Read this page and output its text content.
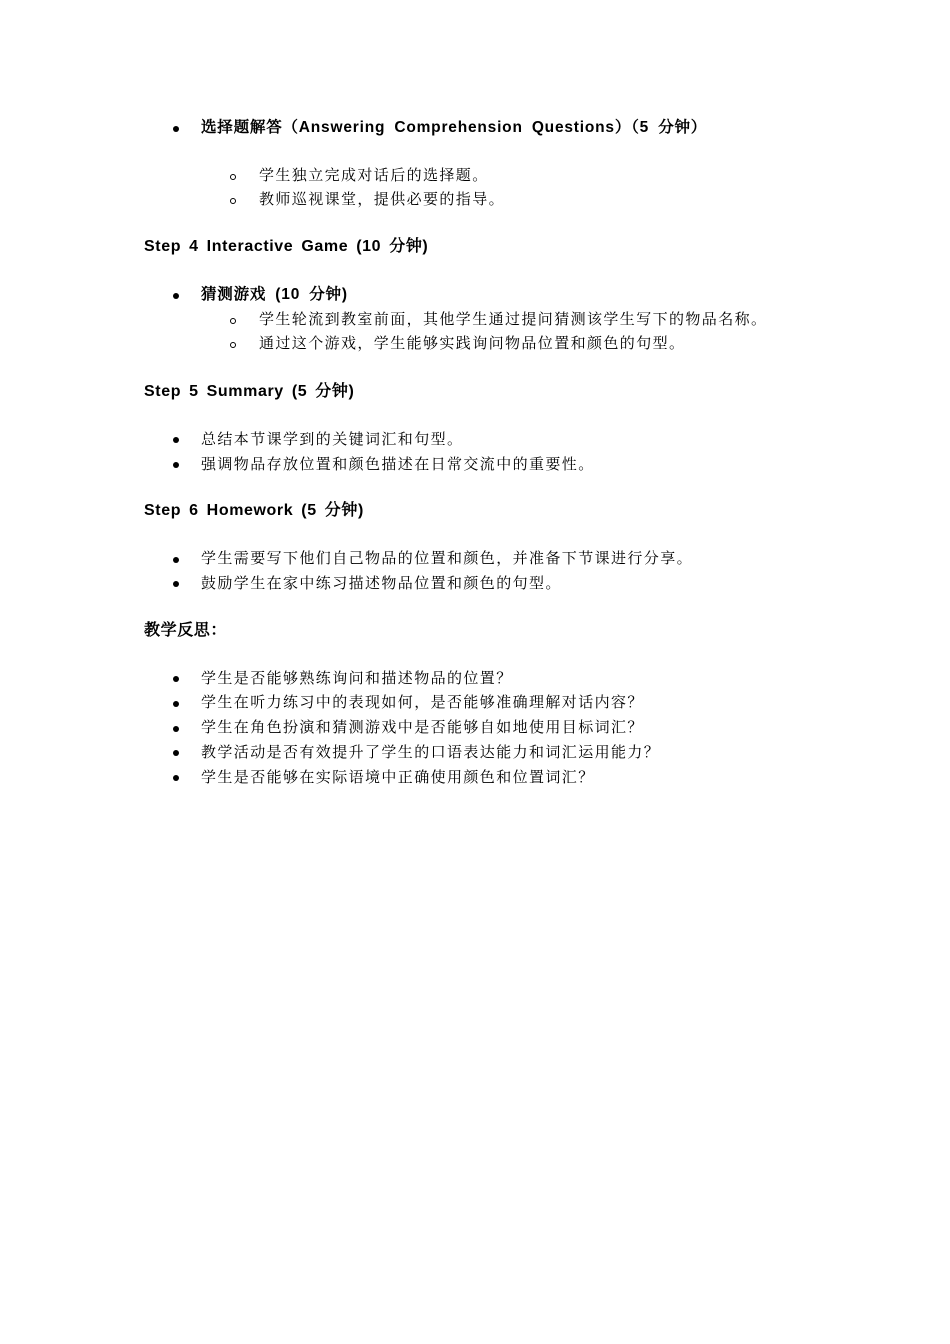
选择题解答（Answering Comprehension Questions）（5 分钟）
学生独立完成对话后的选择题。
教师巡视课堂，提供必要的指导。
Step 4 Interactive Game (10 分钟)
猜测游戏 (10 分钟)
学生轮流到教室前面，其他学生通过提问猜测该学生写下的物品名称。
通过这个游戏，学生能够实践询问物品位置和颜色的句型。
Step 5 Summary (5 分钟)
总结本节课学到的关键词汇和句型。
强调物品存放位置和颜色描述在日常交流中的重要性。
Step 6 Homework (5 分钟)
学生需要写下他们自己物品的位置和颜色，并准备下节课进行分享。
鼓励学生在家中练习描述物品位置和颜色的句型。
教学反思：
学生是否能够熟练询问和描述物品的位置？
学生在听力练习中的表现如何，是否能够准确理解对话内容？
学生在角色扮演和猜测游戏中是否能够自如地使用目标词汇？
教学活动是否有效提升了学生的口语表达能力和词汇运用能力？
学生是否能够在实际语境中正确使用颜色和位置词汇？
